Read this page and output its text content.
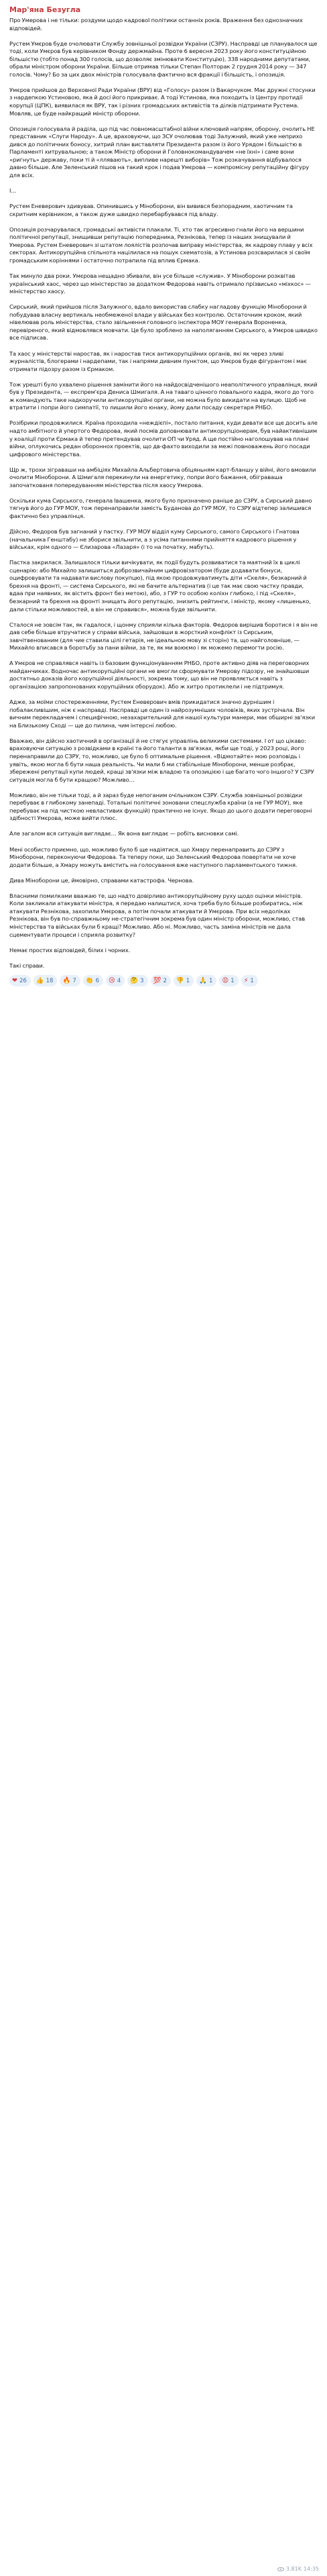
Мар'яна Безугла

Про Умерова і не тільки: роздуми щодо кадрової політики останніх років. Враження без однозначних відповідей.

Рустем Умєров буде очолювати Службу зовнішньої розвідки України (СЗРУ). Насправді це планувалося ще тоді, коли Умєров був керівником Фонду держмайна. Проте 6 вересня 2023 року його конституційною більшістю (тобто понад 300 голосів, що дозволяє змінювати Конституцію), 338 народними депутатами, обрали міністром оборони України. Більше отримав тільки Степан Полторак 2 грудня 2014 року — 347 голосів. Чому? Бо за цих двох міністрів голосувала фактично вся фракції і більшість, і опозиція.

Умєров прийшов до Верховної Ради України (ВРУ) від «Голосу» разом із Вакарчуком. Має дружні стосунки з нардепкою Устиновою, яка й досі його прикриває. А тоді Устинова, яка походить із Центру протидії корупції (ЦПК), виявилася як ВРУ, так і різних громадських активістів та ділків підтримати Рустема. Мовляв, це буде найкращий міністр оборони.

Опозиція голосувала й раділа, що під час повномасштабної війни ключовий напрям, оборону, очолить НЕ представник «Слуги Народу». А це, враховуючи, що ЗСУ очолював тоді Залужний, який уже неприхо дився до політичних боносу, хитрий план виставляти Президента разом із його Урядом і більшістю в Парламенті хитрувальною; а також Міністр оборони й Головнокомандувачем «не їхні» і саме вони «ригнуть» державу, поки ті й «ллявають», випливе нарешті виборів» Тож розкачування відбувалося давно більше. Але Зеленський пішов на такий крок і подав Умєрова — компромісну репутаційну фігуру для всіх.

І...

Рустем Еневерович здивував. Опинившись у Міноборони, він вивився безпорадним, хаотичним та скритним керівником, а також дуже швидко перебарбувався під владу.

Опозиція розчарувалася, громадські активісти плакали. Ті, хто так агресивно гнали його на вершини політичної репутації, знищивши репутацію попередника, Резнікова, тепер із наших знищували й Умерова. Рустем Еневерович зі штатом лоялістів розпочав виправу міністерства, як кадрову плаву у всіх секторах. Антикорупційна спільнота націлилася на пошук схематозів, а Устинова розсварилася зі своїм громадським коріннями і остаточно потрапила під вплив Єрмака.

Так минуло два роки. Умєрова нещадно збивали, він усе більше «служив». У Міноборони розквітав український хаос, через що міністерство за додатком Федорова навіть отримало прізвисько «міхкос» — міністерство хаосу.

Сирський, який прийшов після Залужного, вдало використав слабку нагладову функцію Міноборони й побудував власну вертикаль необмеженої влади у військах без контролю. Остаточним кроком, який нівелював роль міністерства, стало звільнення головного інспектора МОУ генерала Вороненка, перевіреного, який відмовлявся мовчати. Це було зроблено за наполяганням Сирського, а Умєров швидко все підписав.

Та хаос у міністерстві наростав, як і наростав тиск антикорупційних органів, які як через зливі журналістів, блогерами і нардепами, так і напрями дивним пунктом, що Умєров буде фігурантом і має отримати підозру разом із Єрмаком.

Тож урешті було ухвалено рішення замінити його на найдосвідченішого неаполітичного управлінця, який був у Президента, — експрем'єра Дениса Шмигаля. А на таваго цінного повального кадра, якого до того ж командують таке надкоручили антикорупційні органи, не можна було викидати на вулицю. Щоб не втратити і попри його симпатії, то лишили його юнаку, йому дали посаду секретаря РНБО.

Розібрики продовжилися. Країна проходила «неждієпі», постало питання, куди девати все ще досить але надто амбітного й упертого Федорова, який посмів доповнювати антикорупціонерам, був найактивнішим у коаліції проти Єрмака й тепер претендував очолити ОП чи Уряд. А ще постійно наголошував на плані війни, оплукочись редан обороннох проектів, що дв-фахто виходили за межі повноважень його посади цифрового міністерства.

Щр ж, трохи зіграваши на амбіціях Михайла Альбертовича обіцяньням карт-бланшу у війні, його вмовили очолити Міноборони. А Шмигаля перекинули на енергетику, попри його бажання, обіграваша започаткованя попередуванням міністерства після хаосу Умєрова.

Оскільки кума Сирського, генерала Івашенка, якого було призначено раніше до СЗРУ, а Сирський давно тягнув його до ГУР МОУ, тож перенаправили замість Буданова до ГУР МОУ, то СЗРУ відтепер залишився фактично без управлінця.

Дійсно, Федоров був загнаний у пастку. ГУР МОУ відділ куму Сирського, самого Сирського і Гнатова (начальника Генштабу) не зборися звільнити, а з усіма питаннями прийняття кадрового рішення у військах, крім одного — Єлизарова «Лазаря» (і то на початку, мабуть).

Пастка закрилася. Залишалося тільки вичікувати, як події будуть розвиватися та маятний їх в циклі сценарію: або Михайло залишиться доброзвичайним цифровізатором (буде додавати бонуси, оцифровувати та надавати вислову покупцю), під якою продовжуватимуть діти «Скеля», безкарний й брехня на фронті, — система Сирського, які не бачите альтернатив (і це так має свою частку правди, вдаа при наявних, як вістить фронт без метою), або, з ГУР то особою коліхн глибоко, і під «Скеля», безкарний та брехня на фронті знищать його репутацію, знизить рейтинги, і міністр, якому «лишенько, дали стільки можливостей, а він не справився», можна буде звільнити.

Сталося не зовсім так, як гадалося, і щонму сприяли кілька факторів. Федоров вирішив боротися і я він не дав себе більше втручатися у справи війська, зайшовши в жорсткий конфлікт із Сирським, завчітвенованим (для чие ставила цілі гетарія, не ідеальною мову зі сторін) та, що найголовніше, — Михайло вписався в боротьбу за пани війни, за те, як ми воюємо і як можемо перемогти росію.

А Умєров не справлявся навіть із базовим функціонуванням РНБО, проте активно діяв на переговорних майданчиках. Водночас антикорупційні органи не вмогли сформувати Умерову підозру, не знайшовши достатньо доказів його корупційної діяльності, зокрема тому, що він не проявляється навіть з організацією запропонованих корупційних оборудок). Або ж хитро протиклели і не підтримуя.

Адже, за моїми спостереженнями, Рустем Еневерович вмів прикидатися значно дурнішим і побалакливішим, ніж є насправді. Насправді це один із найрозумніших чоловіків, яких зустрічала. Він вичним перекладачем і специфічною, незахарительний для нашої культури манери, має обширні зв'язки на Близькому Сході — ще до пилина, чим інтерсні любою.

Вважаю, він дійсно хаотичний в організації й не стягує управлінь великими системами. І от що цікаво: враховуючи ситуацію з розвідками в країні та його таланти в зв'язках, якби ще тоді, у 2023 році, його перенаправили до СЗРУ, то, можливо, це було б оптимальне рішення. «Відмотайте» мою розповідь і уявіть, якою могла б бути наша реальність. Чи мали б ми стабільніше Міноборони, менше розбрає, збережені репутації купи людей, кращі зв'язки між владою та опозицією і ще багато чого іншого? У СЗРУ ситуація могла б бути кращою? Можливо…

Можливо, він не тільки тоді, а й зараз буде непоганим очільником СЗРУ. Служба зовнішньої розвідки перебуває в глибокому занепаді. Тотальні політичні зоновани спецслужба країни (а не ГУР МОУ), яке перебуває на під чисткою невластивих функцій) практично не існує. Якщо до цього додати переговорні здібності Умєрова, може вийти плюс.

Але загалом вся ситуація виглядає… Як вона виглядає — робіть висновки самі.

Мені особисто приємно, що, можливо було б ще надіятися, що Хмару перенаправить до СЗРУ з Міноборони, переконуючи Федорова. Та теперу поки, що Зеленський Федорова повертати не хоче додати більше, а Хмару можуть вмістить на голосування вже наступного парламентського тижня.

Дива Міноборони це, ймовірно, справами катастрофа. Чернова.

Власними помилками вважаю те, що надто довірливо антикорупційному руху щодо оцінки міністрів. Коли закликали атакувати міністра, я передаю налиштися, хоча треба було більше розбиратись, ніж атакувати Резнікова, захопили Умєрова, а потім почали атакувати й Умєрова. При всіх недоліках Резнікова, він був по-справжньому не-стратегічним зокрема був один міністр оборони, можливо, став міністерства та військах були б кращі? Можливо. Або ні. Можливо, часть заміна міністрів не дала сцементувати процеси і сприяла розвитку?

Немає простих відповідей, білих і чорних.

Такі справи.

❤ 26 👍 18 🔥 7 👏 6 😢 4 🤔 3 💯 2 👎 1 🙏 1 😡 1 ⚡ 1
3.81K 14:35
